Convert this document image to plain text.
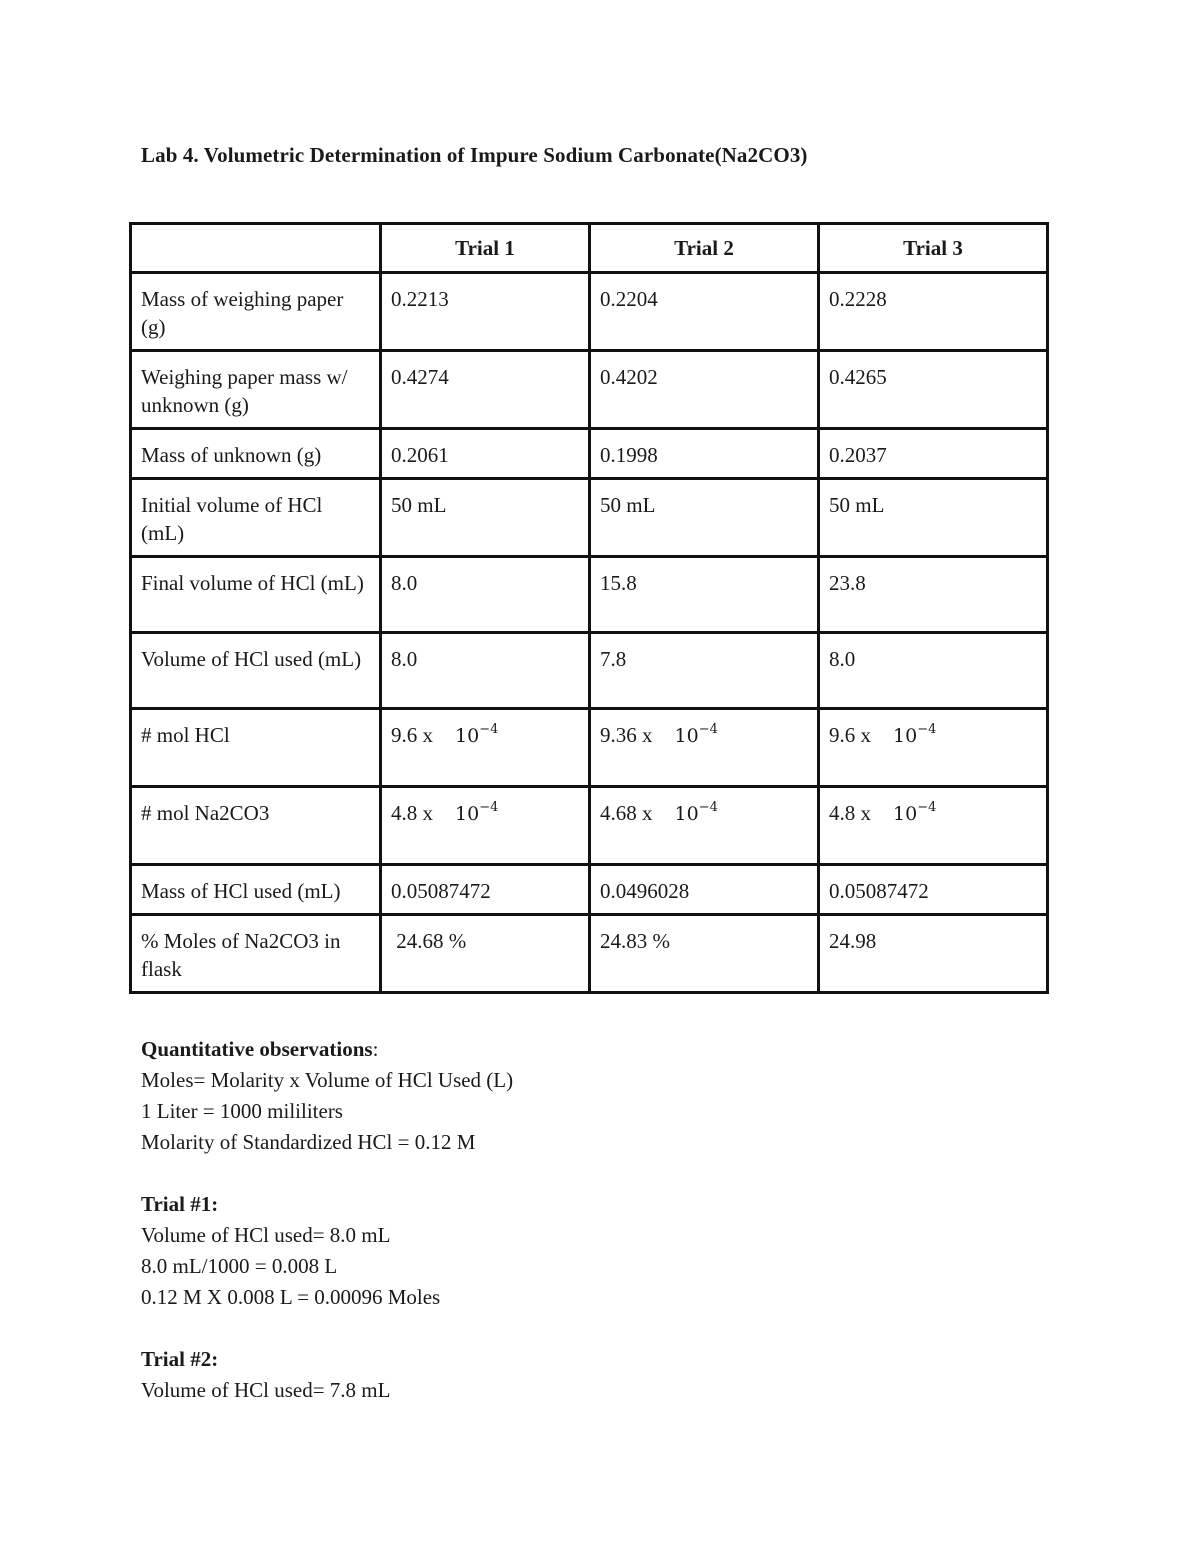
Lab 4. Volumetric Determination of Impure Sodium Carbonate(Na2CO3)
	Trial 1	Trial 2	Trial 3
Mass of weighing paper (g)	0.2213	0.2204	0.2228
Weighing paper mass w/ unknown (g)	0.4274	0.4202	0.4265
Mass of unknown (g)	0.2061	0.1998	0.2037
Initial volume of HCl (mL)	50 mL	50 mL	50 mL
Final volume of HCl (mL)	8.0	15.8	23.8
Volume of HCl used (mL)	8.0	7.8	8.0
# mol HCl	9.6 x $10^{-4}$	9.36 x $10^{-4}$	9.6 x $10^{-4}$
# mol Na2CO3	4.8 x $10^{-4}$	4.68 x $10^{-4}$	4.8 x $10^{-4}$
Mass of HCl used (mL)	0.05087472	0.0496028	0.05087472
% Moles of Na2CO3 in flask	24.68 %	24.83 %	24.98
Quantitative observations:
Moles= Molarity x Volume of HCl Used (L)
1 Liter = 1000 mililiters
Molarity of Standardized HCl = 0.12 M
Trial #1:
Volume of HCl used= 8.0 mL
8.0 mL/1000 = 0.008 L
0.12 M X 0.008 L = 0.00096 Moles
Trial #2:
Volume of HCl used= 7.8 mL
